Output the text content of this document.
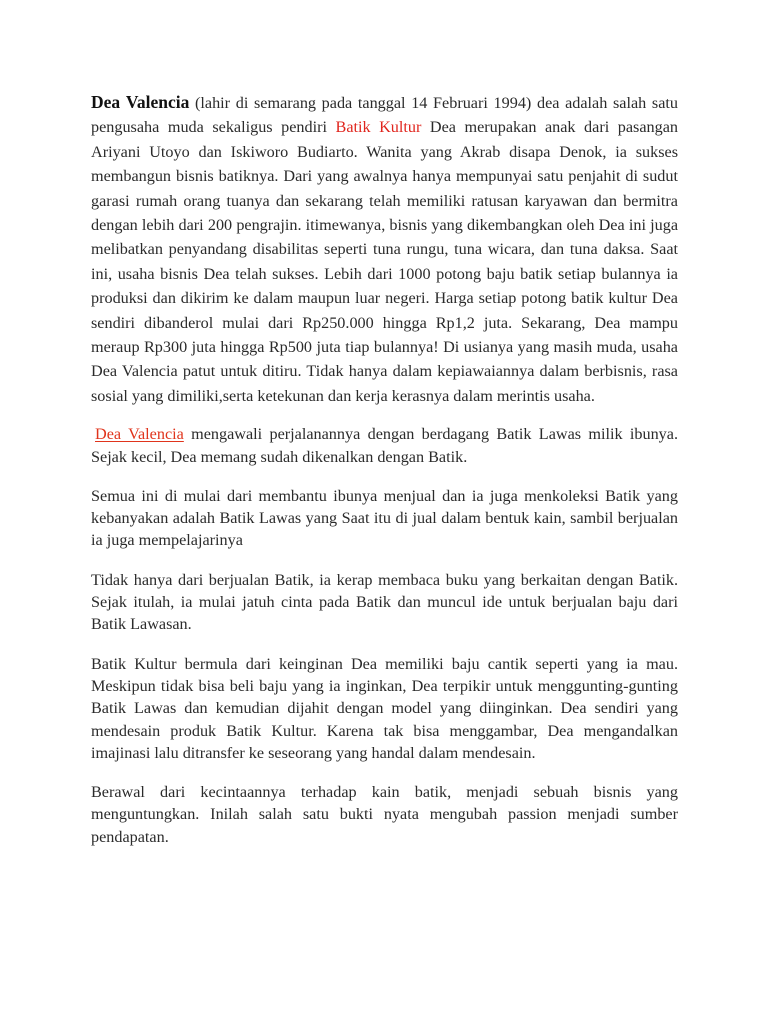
Dea Valencia (lahir di semarang pada tanggal 14 Februari 1994) dea adalah salah satu pengusaha muda sekaligus pendiri Batik Kultur Dea merupakan anak dari pasangan Ariyani Utoyo dan Iskiworo Budiarto. Wanita yang Akrab disapa Denok, ia sukses membangun bisnis batiknya. Dari yang awalnya hanya mempunyai satu penjahit di sudut garasi rumah orang tuanya dan sekarang telah memiliki ratusan karyawan dan bermitra dengan lebih dari 200 pengrajin. itimewanya, bisnis yang dikembangkan oleh Dea ini juga melibatkan penyandang disabilitas seperti tuna rungu, tuna wicara, dan tuna daksa. Saat ini, usaha bisnis Dea telah sukses. Lebih dari 1000 potong baju batik setiap bulannya ia produksi dan dikirim ke dalam maupun luar negeri. Harga setiap potong batik kultur Dea sendiri dibanderol mulai dari Rp250.000 hingga Rp1,2 juta. Sekarang, Dea mampu meraup Rp300 juta hingga Rp500 juta tiap bulannya! Di usianya yang masih muda, usaha Dea Valencia patut untuk ditiru. Tidak hanya dalam kepiawaiannya dalam berbisnis, rasa sosial yang dimiliki,serta ketekunan dan kerja kerasnya dalam merintis usaha.

Dea Valencia mengawali perjalanannya dengan berdagang Batik Lawas milik ibunya. Sejak kecil, Dea memang sudah dikenalkan dengan Batik.

Semua ini di mulai dari membantu ibunya menjual dan ia juga menkoleksi Batik yang kebanyakan adalah Batik Lawas yang Saat itu di jual dalam bentuk kain, sambil berjualan ia juga mempelajarinya

Tidak hanya dari berjualan Batik, ia kerap membaca buku yang berkaitan dengan Batik. Sejak itulah, ia mulai jatuh cinta pada Batik dan muncul ide untuk berjualan baju dari Batik Lawasan.

Batik Kultur bermula dari keinginan Dea memiliki baju cantik seperti yang ia mau. Meskipun tidak bisa beli baju yang ia inginkan, Dea terpikir untuk menggunting-gunting Batik Lawas dan kemudian dijahit dengan model yang diinginkan. Dea sendiri yang mendesain produk Batik Kultur. Karena tak bisa menggambar, Dea mengandalkan imajinasi lalu ditransfer ke seseorang yang handal dalam mendesain.

Berawal dari kecintaannya terhadap kain batik, menjadi sebuah bisnis yang menguntungkan. Inilah salah satu bukti nyata mengubah passion menjadi sumber pendapatan.
